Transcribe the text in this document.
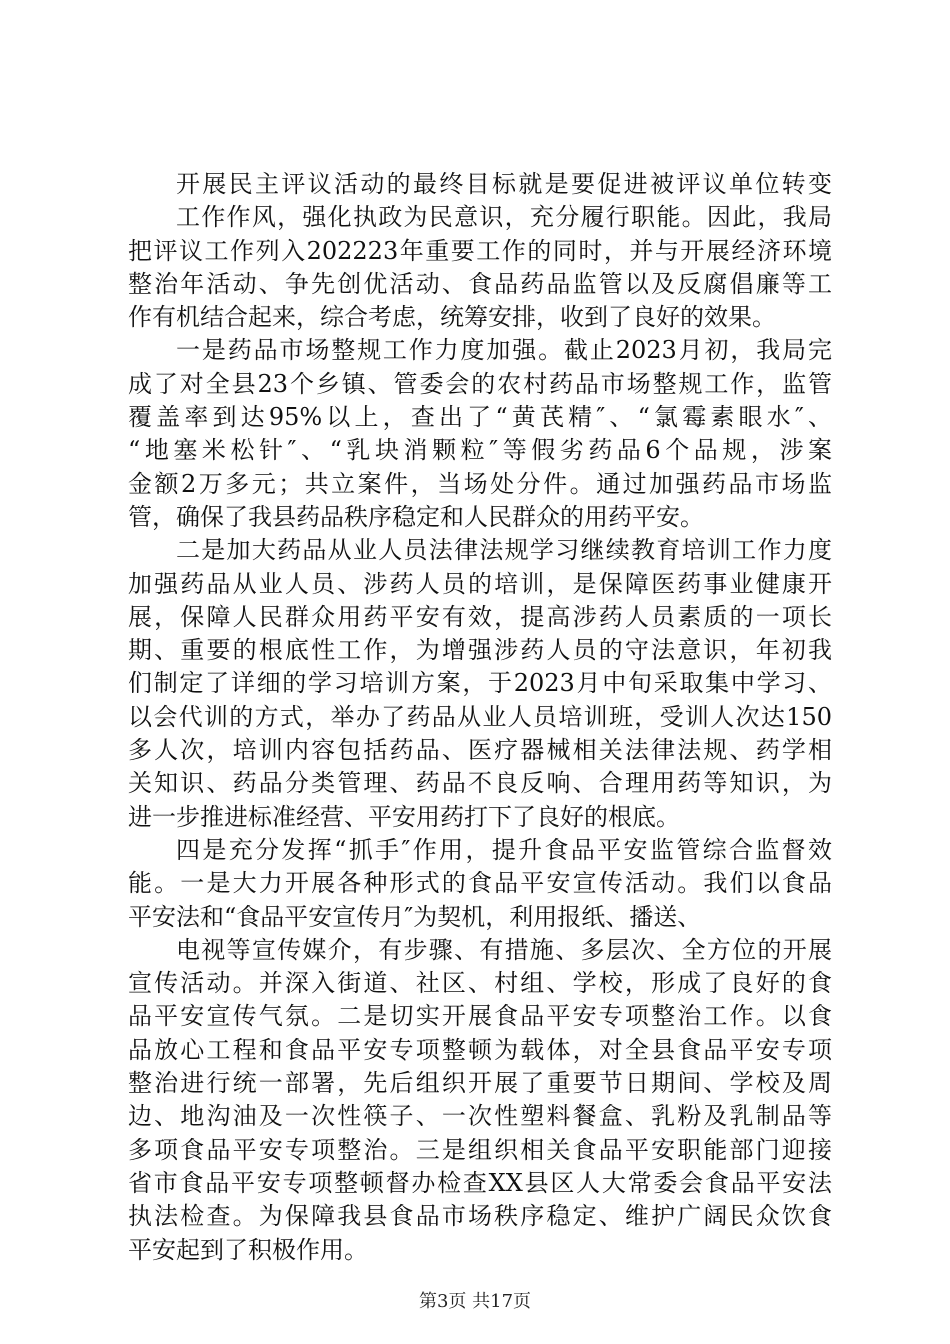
开展民主评议活动的最终目标就是要促进被评议单位转变
工作作风，强化执政为民意识，充分履行职能。因此，我局
把评议工作列入202223年重要工作的同时，并与开展经济环境
整治年活动、争先创优活动、食品药品监管以及反腐倡廉等工
作有机结合起来，综合考虑，统筹安排，收到了良好的效果。
一是药品市场整规工作力度加强。截止2023月初，我局完
成了对全县23个乡镇、管委会的农村药品市场整规工作，监管
覆盖率到达95%以上，查出了“黄芪精″、“氯霉素眼水″、
“地塞米松针″、“乳块消颗粒″等假劣药品6个品规，涉案
金额2万多元；共立案件，当场处分件。通过加强药品市场监
管，确保了我县药品秩序稳定和人民群众的用药平安。
二是加大药品从业人员法律法规学习继续教育培训工作力度
加强药品从业人员、涉药人员的培训，是保障医药事业健康开
展，保障人民群众用药平安有效，提高涉药人员素质的一项长
期、重要的根底性工作，为增强涉药人员的守法意识，年初我
们制定了详细的学习培训方案，于2023月中旬采取集中学习、
以会代训的方式，举办了药品从业人员培训班，受训人次达150
多人次，培训内容包括药品、医疗器械相关法律法规、药学相
关知识、药品分类管理、药品不良反响、合理用药等知识，为
进一步推进标准经营、平安用药打下了良好的根底。
四是充分发挥“抓手″作用，提升食品平安监管综合监督效
能。一是大力开展各种形式的食品平安宣传活动。我们以食品
平安法和“食品平安宣传月″为契机，利用报纸、播送、
电视等宣传媒介，有步骤、有措施、多层次、全方位的开展
宣传活动。并深入街道、社区、村组、学校，形成了良好的食
品平安宣传气氛。二是切实开展食品平安专项整治工作。以食
品放心工程和食品平安专项整顿为载体，对全县食品平安专项
整治进行统一部署，先后组织开展了重要节日期间、学校及周
边、地沟油及一次性筷子、一次性塑料餐盒、乳粉及乳制品等
多项食品平安专项整治。三是组织相关食品平安职能部门迎接
省市食品平安专项整顿督办检查XX县区人大常委会食品平安法
执法检查。为保障我县食品市场秩序稳定、维护广阔民众饮食
平安起到了积极作用。
第3页 共17页
